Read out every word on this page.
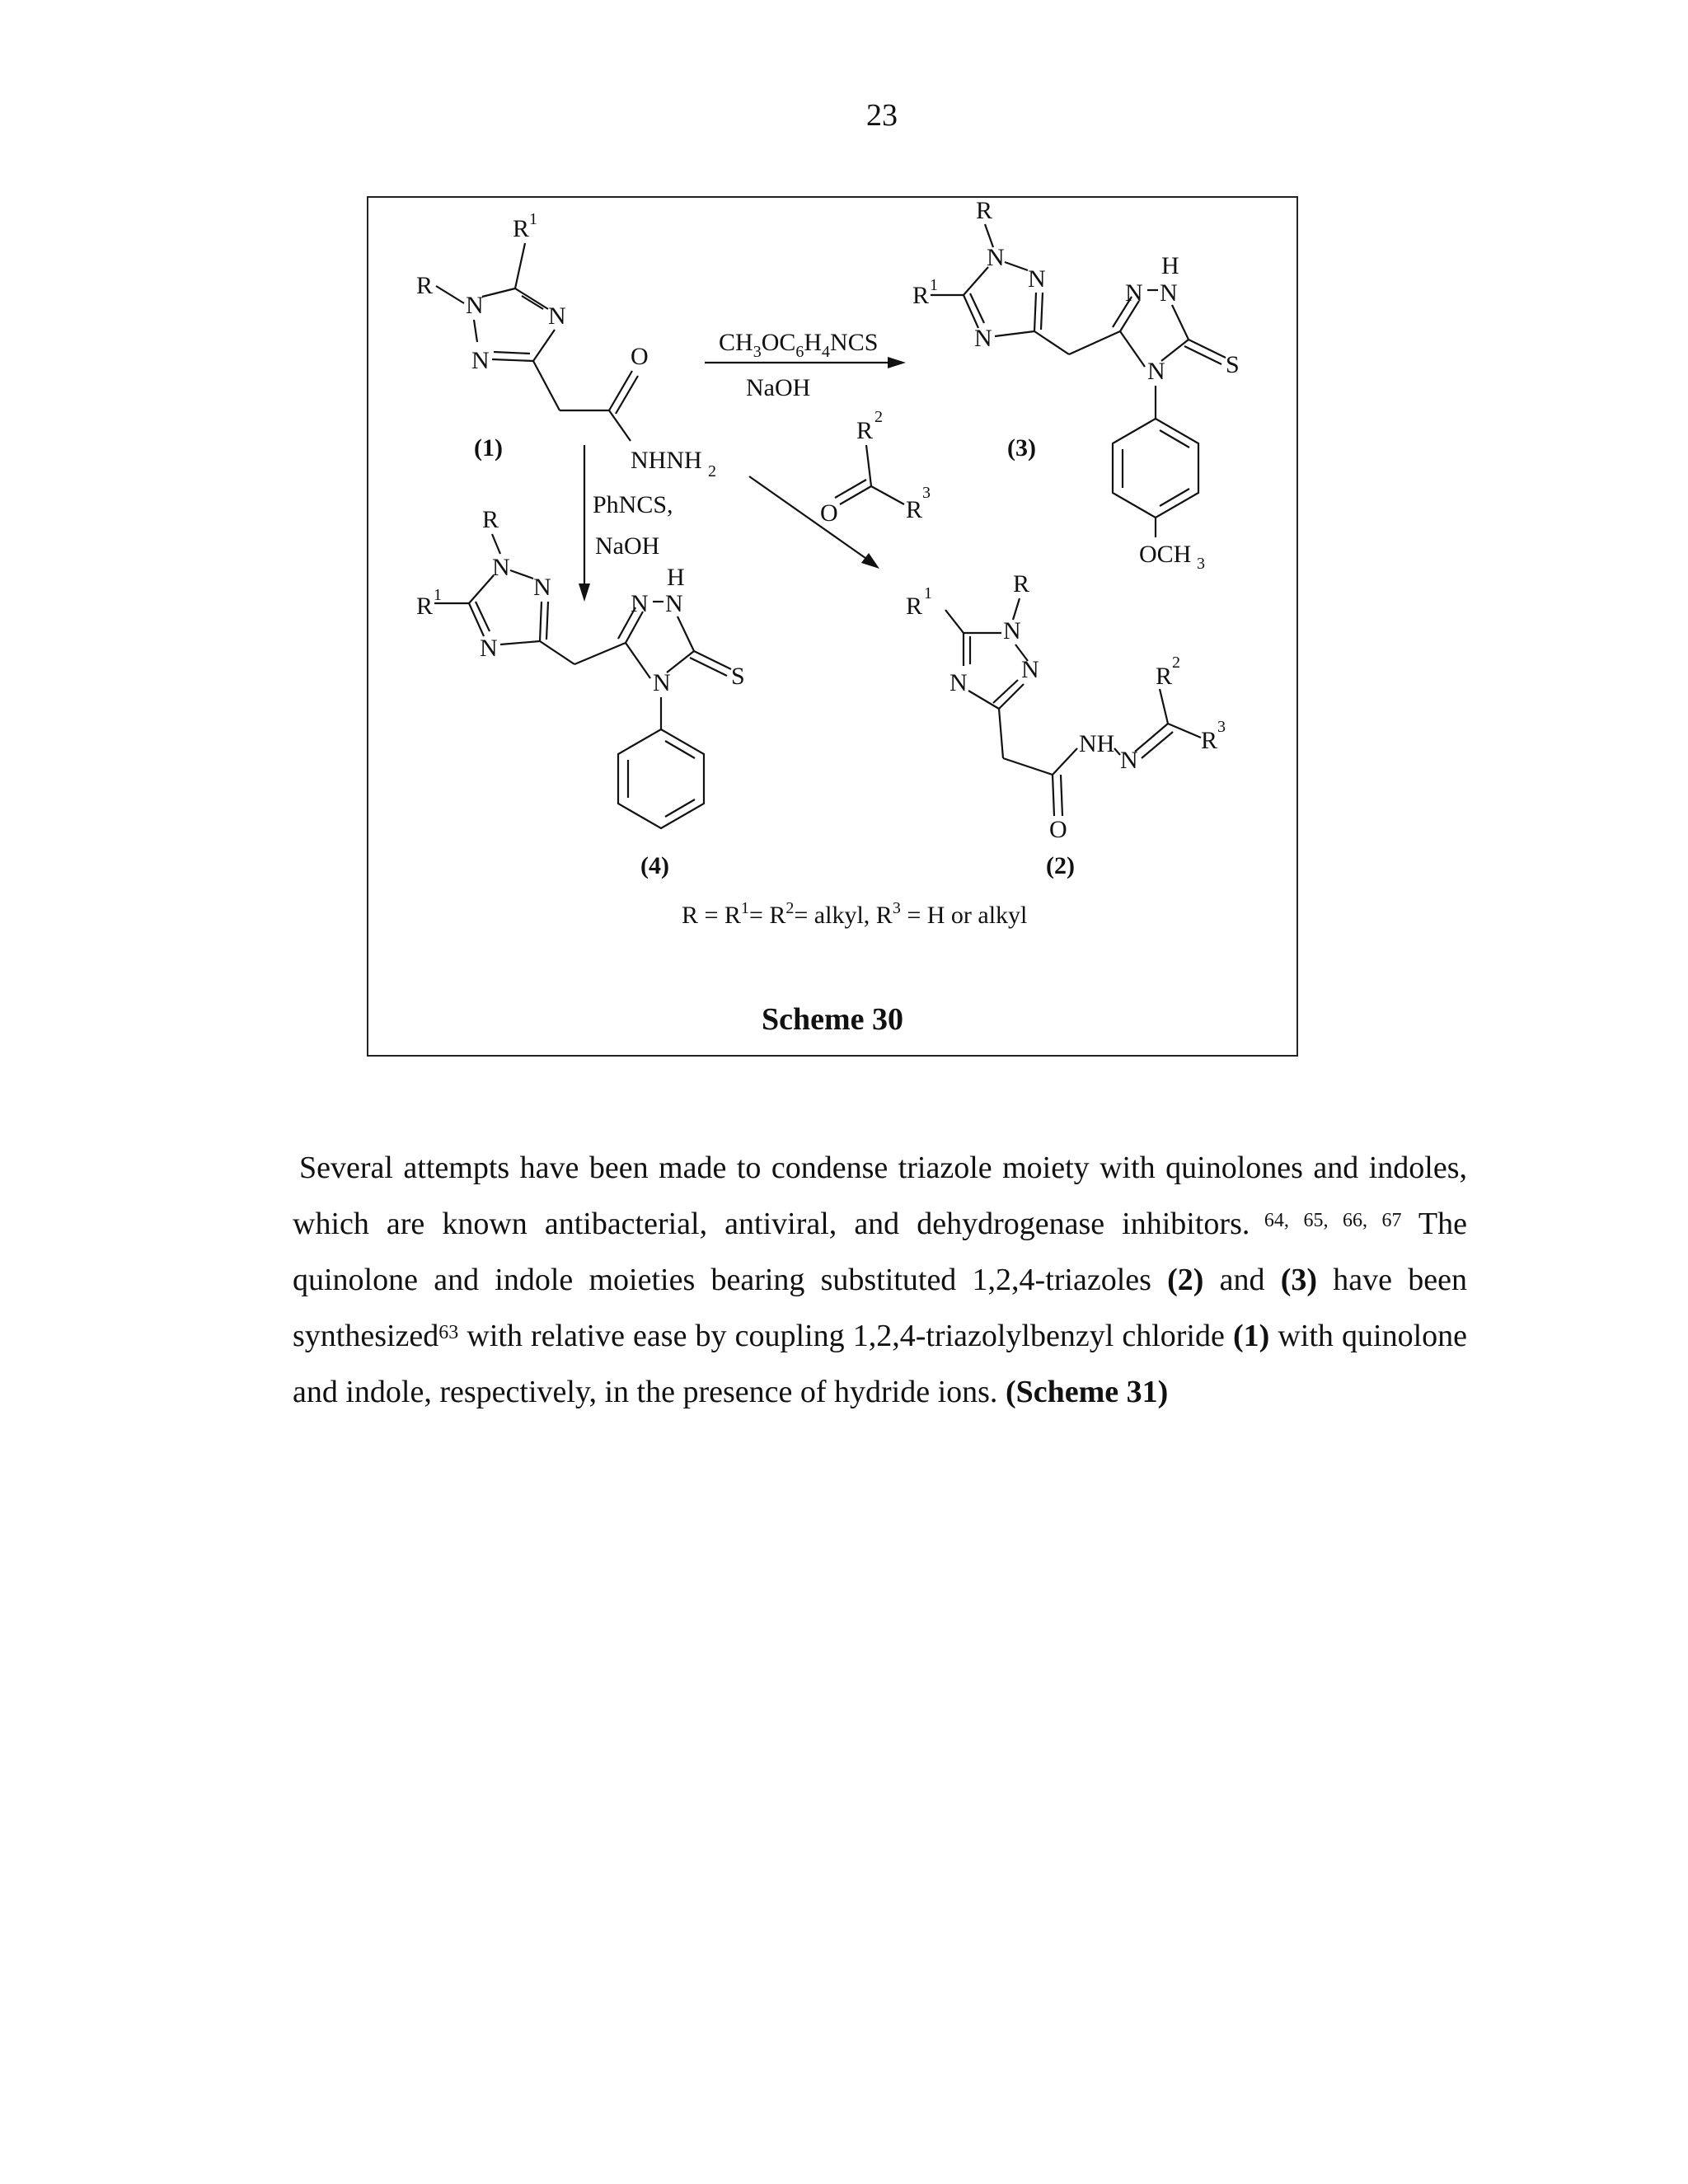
23
R 1
R
N	N
N	O
NHNH 2
(1)
$CH_3OC_6H_4NCS$
NaOH
R
N
N
R 1
N
N N
H
S
N
OCH 3
(3)
PhNCS,
NaOH
R 2
R
3
O
R
N
N
R 1
N
N N
H
S
N
(4)
R
N
N
R 1
N
O
NH
N
R 2
R 3
(2)
$R = R^1= R^2=$ alkyl, $R^3 = H$ or alkyl
Scheme 30

Several attempts have been made to condense triazole moiety with quinolones and indoles, which are known antibacterial, antiviral, and dehydrogenase inhibitors. $^{64, 65, 66, 67}$ The quinolone and indole moieties bearing substituted 1,2,4-triazoles (2) and (3) have been synthesized$^{63}$ with relative ease by coupling 1,2,4-triazolylbenzyl chloride (1) with quinolone and indole, respectively, in the presence of hydride ions. (Scheme 31)
